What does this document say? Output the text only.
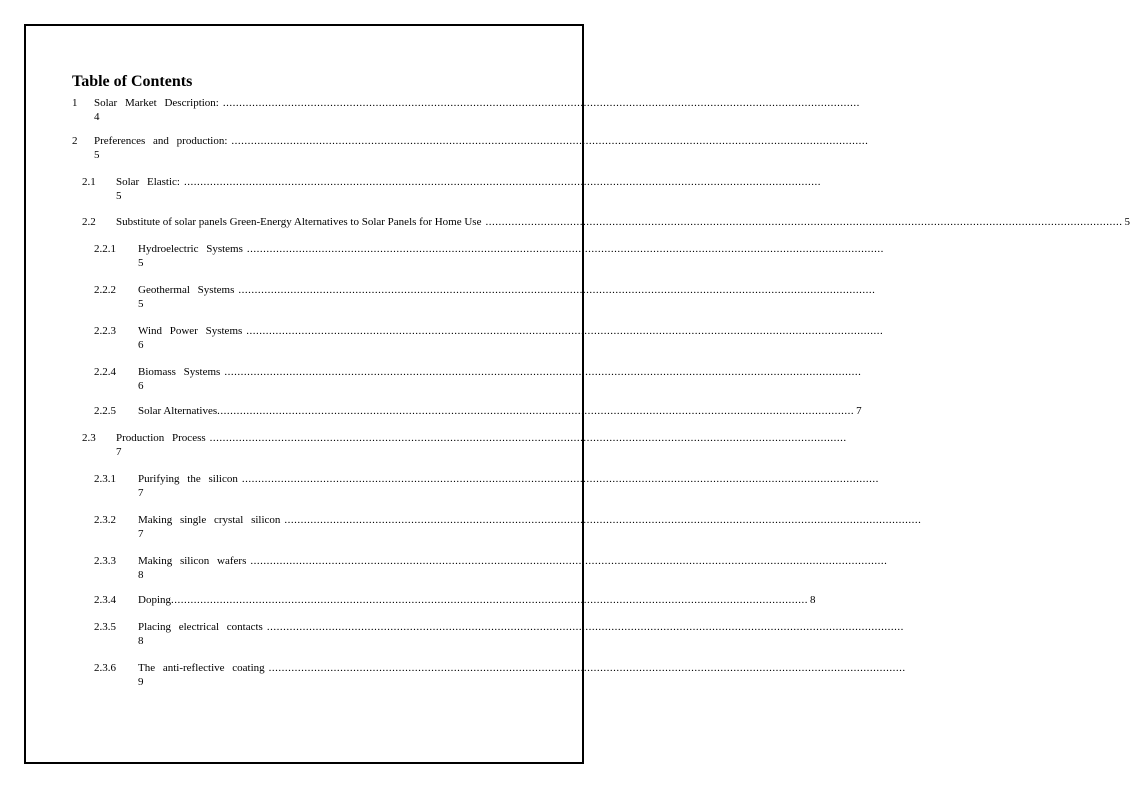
Table of Contents
1 Solar Market Description: ....................................................................................................................................................................................................
4
2 Preferences and production: ....................................................................................................................................................................................................
5
2.1 Solar Elastic: ....................................................................................................................................................................................................
5
2.2 Substitute of solar panels Green-Energy Alternatives to Solar Panels for Home Use .................................................................................................................................................................................................... 5
2.2.1 Hydroelectric Systems ....................................................................................................................................................................................................
5
2.2.2 Geothermal Systems ....................................................................................................................................................................................................
5
2.2.3 Wind Power Systems ....................................................................................................................................................................................................
6
2.2.4 Biomass Systems ....................................................................................................................................................................................................
6
2.2.5 Solar Alternatives .................................................................................................................................................................................................... 7
2.3 Production Process ....................................................................................................................................................................................................
7
2.3.1 Purifying the silicon ....................................................................................................................................................................................................
7
2.3.2 Making single crystal silicon ....................................................................................................................................................................................................
7
2.3.3 Making silicon wafers ....................................................................................................................................................................................................
8
2.3.4 Doping .................................................................................................................................................................................................... 8
2.3.5 Placing electrical contacts ....................................................................................................................................................................................................
8
2.3.6 The anti-reflective coating ....................................................................................................................................................................................................
9
